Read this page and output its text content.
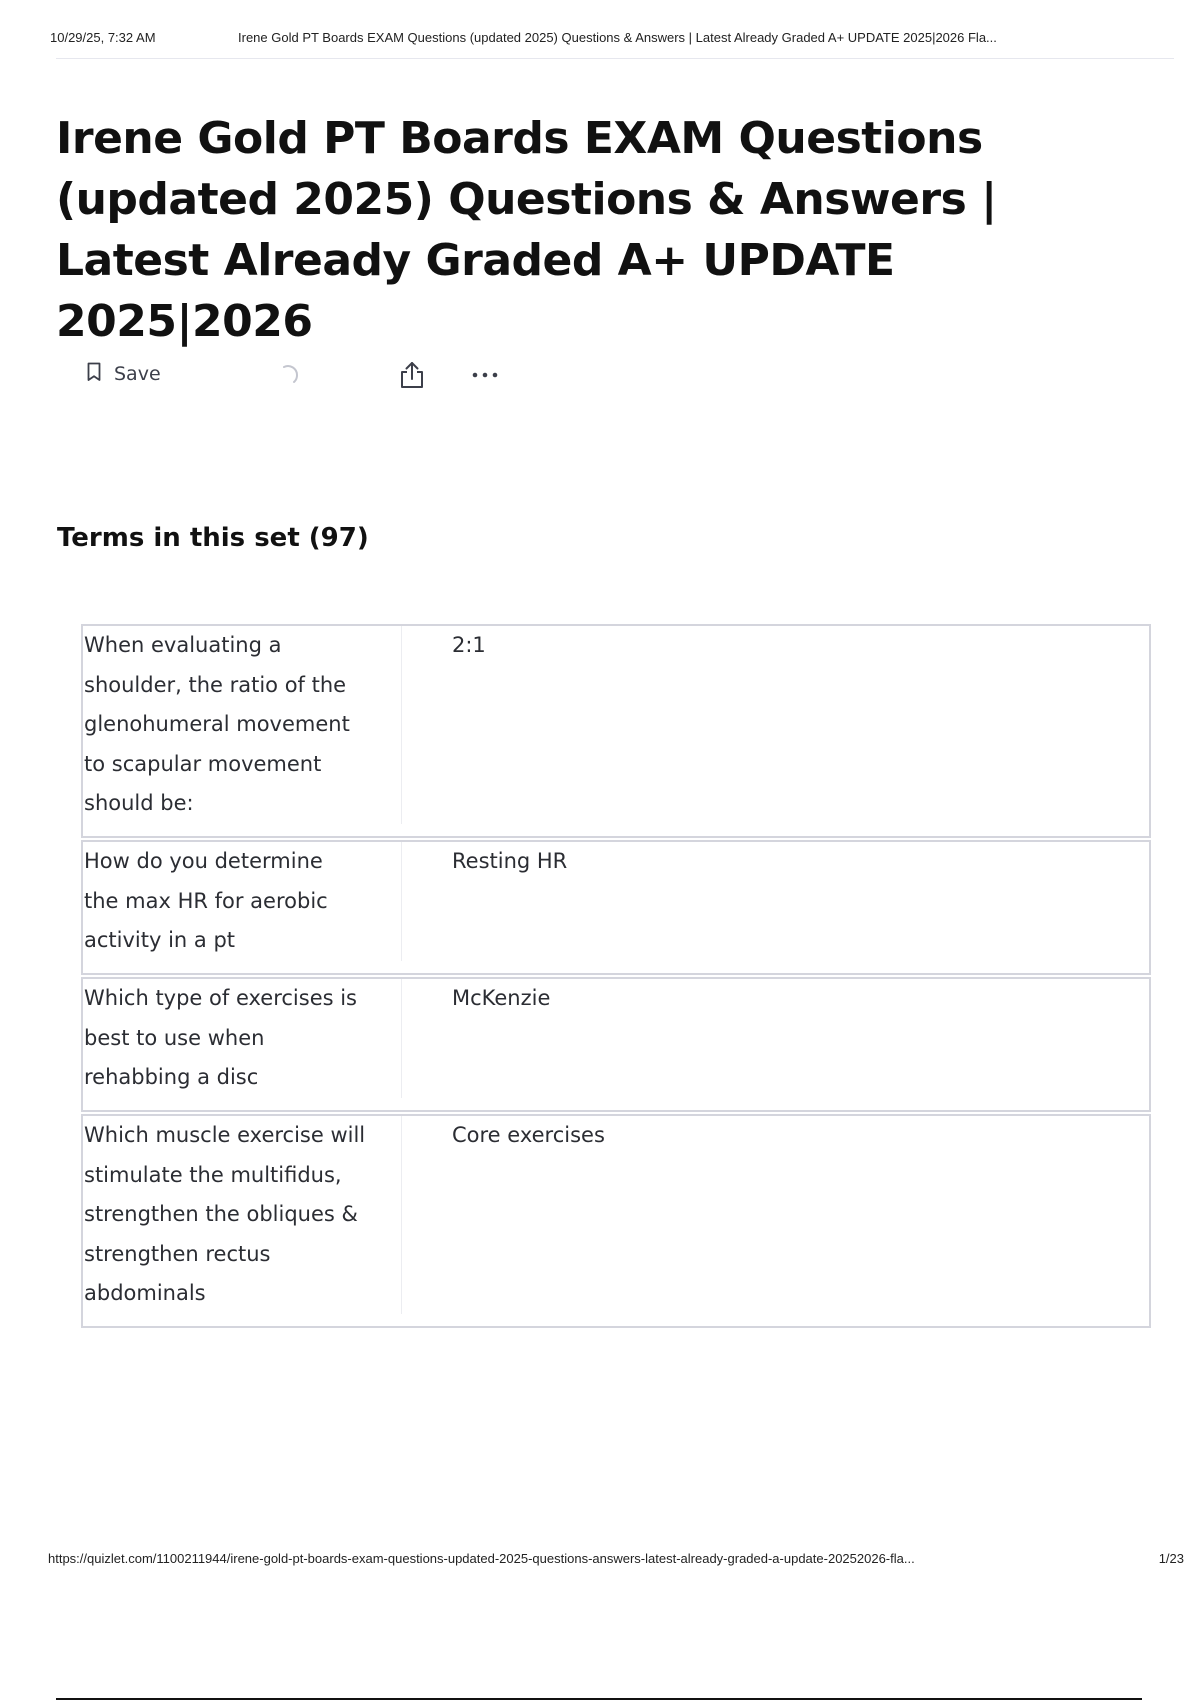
10/29/25, 7:32 AM	Irene Gold PT Boards EXAM Questions (updated 2025) Questions & Answers | Latest Already Graded A+ UPDATE 2025|2026 Fla...
Irene Gold PT Boards EXAM Questions (updated 2025) Questions & Answers | Latest Already Graded A+ UPDATE 2025|2026
Save
Terms in this set (97)
When evaluating a
shoulder, the ratio of the
glenohumeral movement
to scapular movement
should be:
2:1
How do you determine
the max HR for aerobic
activity in a pt
Resting HR
Which type of exercises is
best to use when
rehabbing a disc
McKenzie
Which muscle exercise will
stimulate the multifidus,
strengthen the obliques &
strengthen rectus
abdominals
Core exercises
https://quizlet.com/1100211944/irene-gold-pt-boards-exam-questions-updated-2025-questions-answers-latest-already-graded-a-update-20252026-fla...	1/23
